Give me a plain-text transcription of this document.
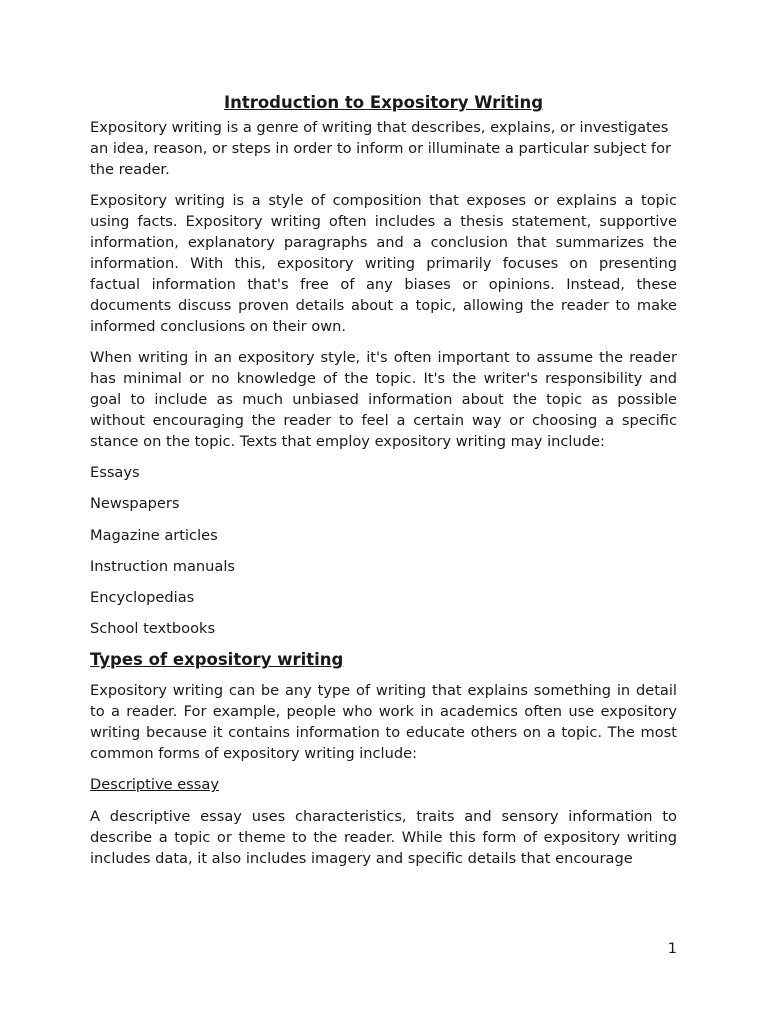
Introduction to Expository Writing

Expository writing is a genre of writing that describes, explains, or investigates an idea, reason, or steps in order to inform or illuminate a particular subject for the reader.

Expository writing is a style of composition that exposes or explains a topic using facts. Expository writing often includes a thesis statement, supportive information, explanatory paragraphs and a conclusion that summarizes the information. With this, expository writing primarily focuses on presenting factual information that's free of any biases or opinions. Instead, these documents discuss proven details about a topic, allowing the reader to make informed conclusions on their own.

When writing in an expository style, it's often important to assume the reader has minimal or no knowledge of the topic. It's the writer's responsibility and goal to include as much unbiased information about the topic as possible without encouraging the reader to feel a certain way or choosing a specific stance on the topic. Texts that employ expository writing may include:

Essays
Newspapers
Magazine articles
Instruction manuals
Encyclopedias
School textbooks
Types of expository writing

Expository writing can be any type of writing that explains something in detail to a reader. For example, people who work in academics often use expository writing because it contains information to educate others on a topic. The most common forms of expository writing include:

Descriptive essay

A descriptive essay uses characteristics, traits and sensory information to describe a topic or theme to the reader. While this form of expository writing includes data, it also includes imagery and specific details that encourage

1
